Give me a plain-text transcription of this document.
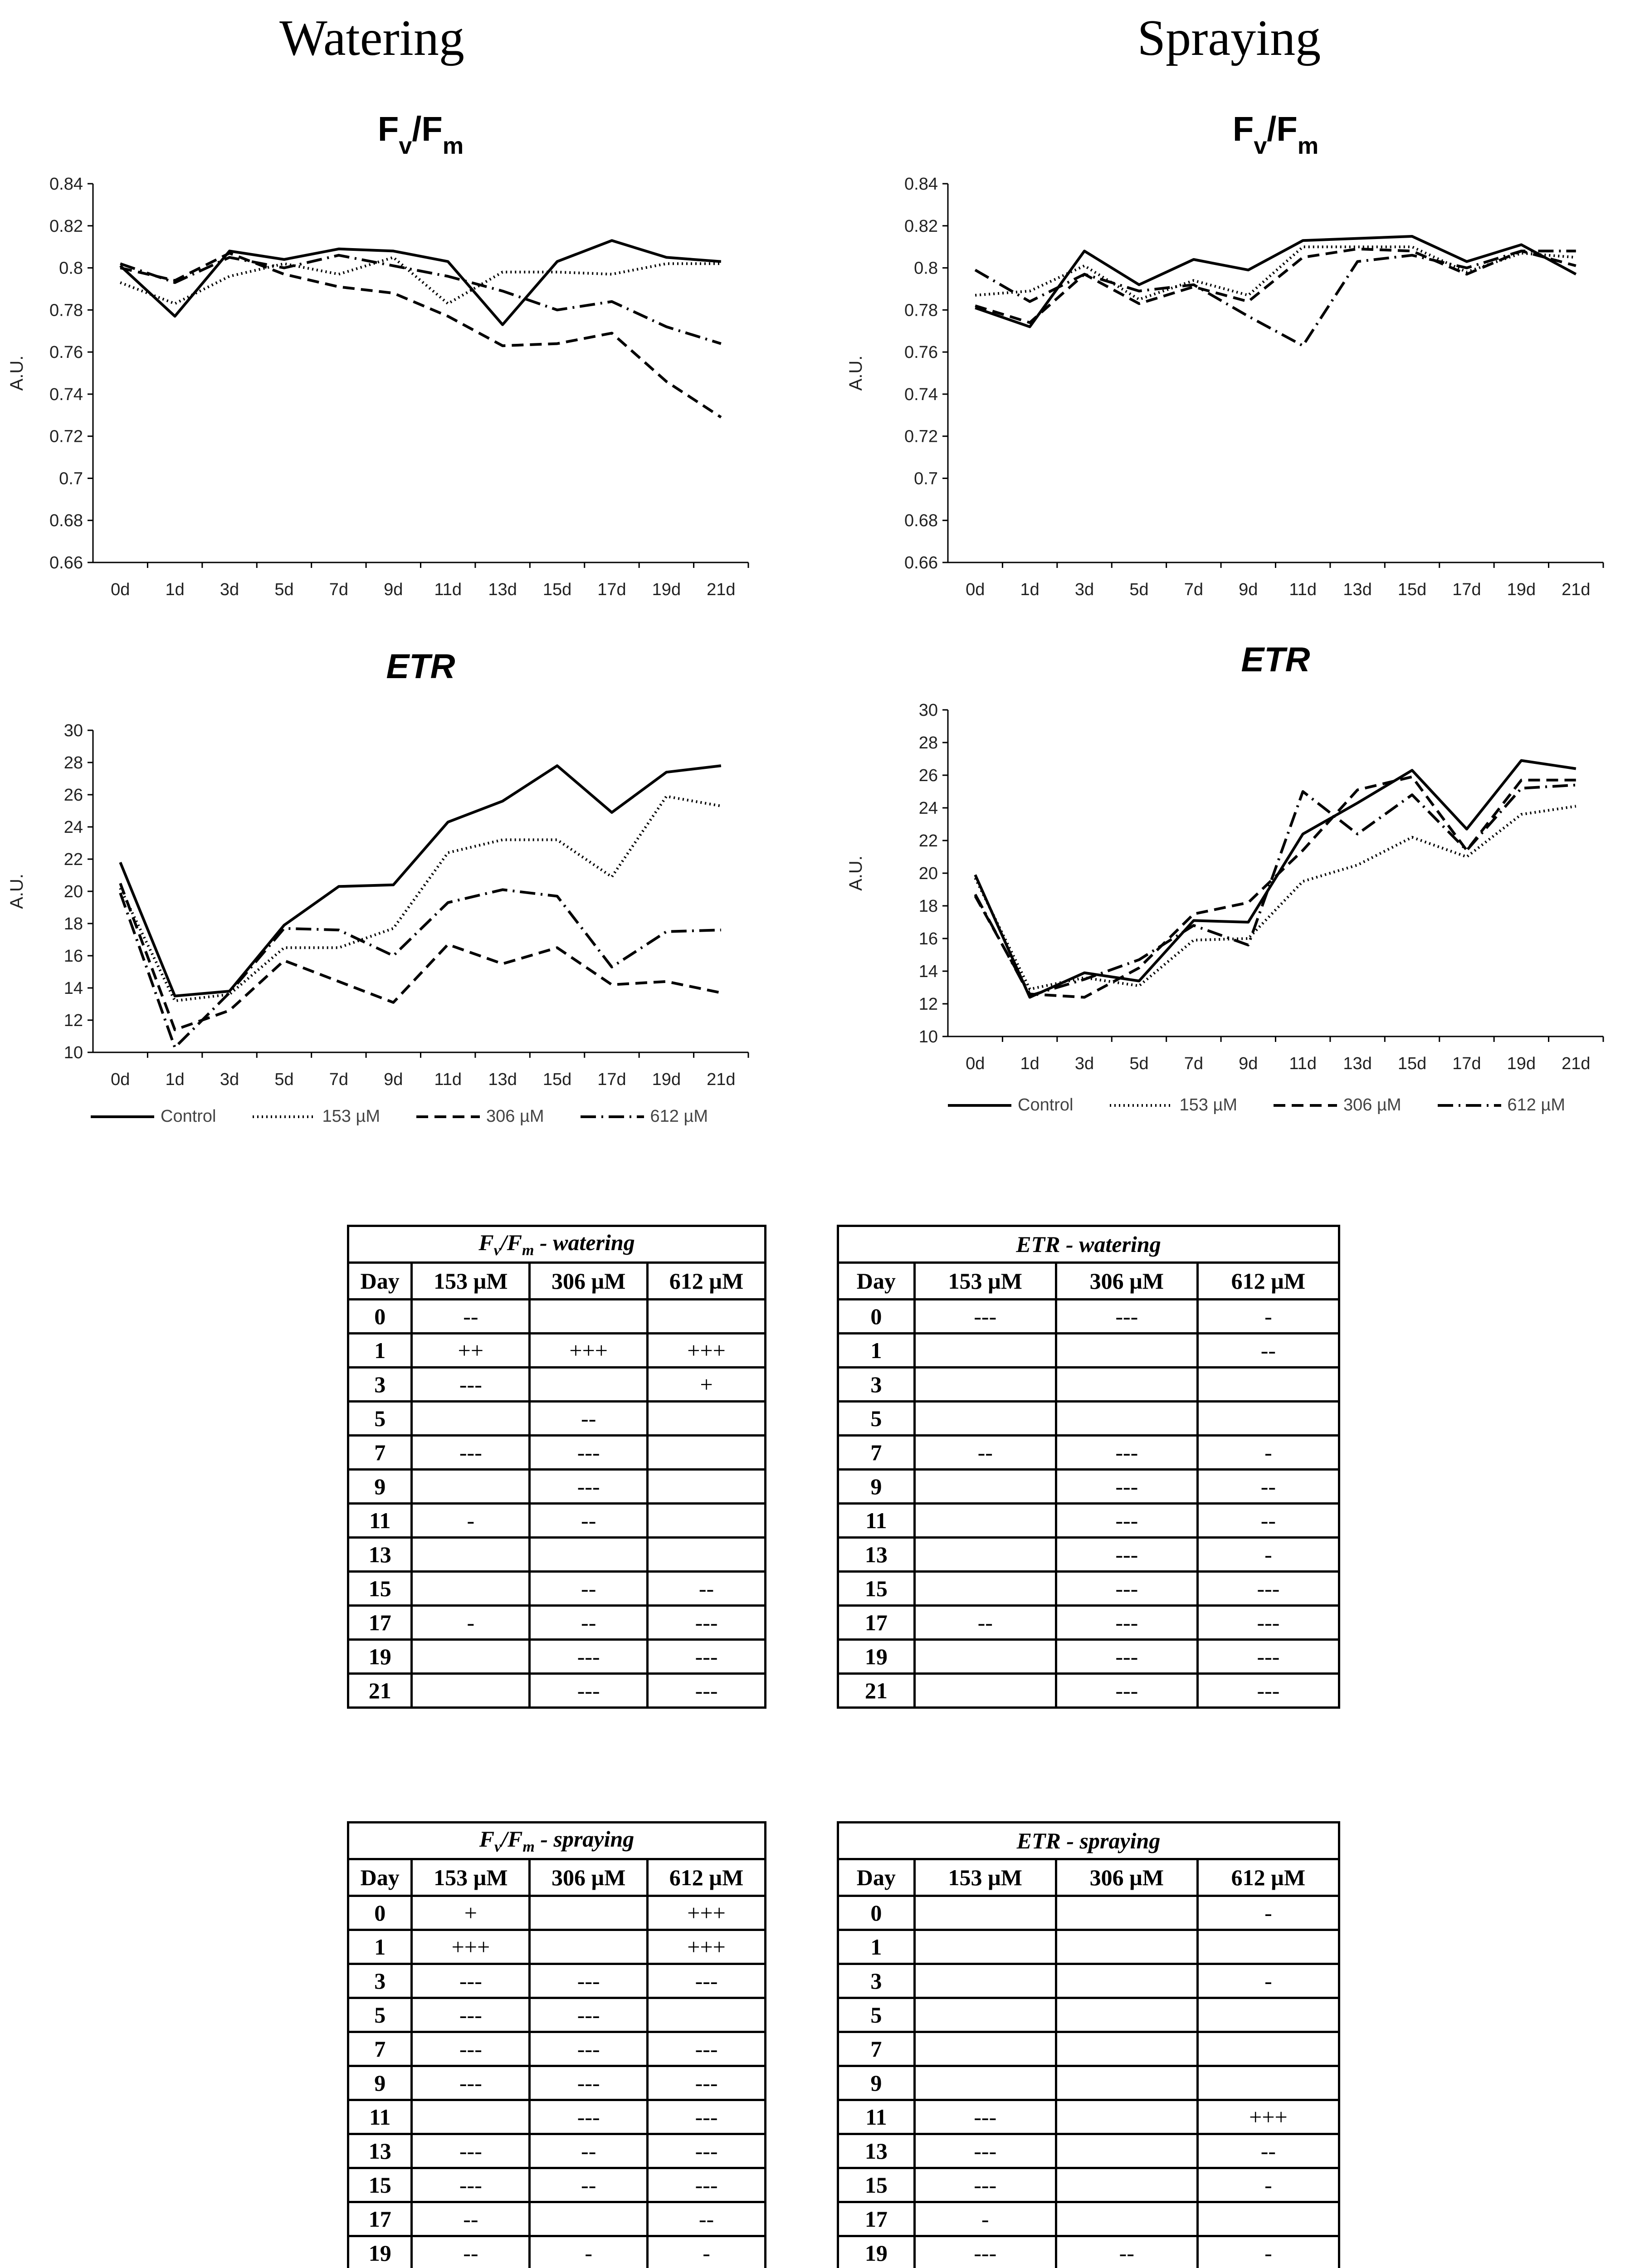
Watering	Spraying
$F_v/F_m$
A.U.
0.66
0.68
0.7
0.72
0.74
0.76
0.78
0.8
0.82
0.84
0d 1d 3d 5d 7d 9d 11d 13d 15d 17d 19d 21d
$F_v/F_m$
A.U.
0.66
0.68
0.7
0.72
0.74
0.76
0.78
0.8
0.82
0.84
0d 1d 3d 5d 7d 9d 11d 13d 15d 17d 19d 21d
ETR
A.U.
10
12
14
16
18
20
22
24
26
28
30
0d 1d 3d 5d 7d 9d 11d 13d 15d 17d 19d 21d
ETR
A.U.
10
12
14
16
18
20
22
24
26
28
30
0d 1d 3d 5d 7d 9d 11d 13d 15d 17d 19d 21d
Control	153 µM	306 µM	612 µM
Control	153 µM	306 µM	612 µM
$F_v/F_m$ - watering			
Day	153 µM	306 µM	612 µM
0	--		
1	++	+++	+++
3	---		+
5		--	
7	---	---	
9		---	
11	-	--	
13			
15		--	--
17	-	--	---
19		---	---
21		---	---
ETR - watering			
Day	153 µM	306 µM	612 µM
0	---	---	-
1			--
3			
5			
7	--	---	-
9		---	--
11		---	--
13		---	-
15		---	---
17	--	---	---
19		---	---
21		---	---
$F_v/F_m$ - spraying			
Day	153 µM	306 µM	612 µM
0	+		+++
1	+++		+++
3	---	---	---
5	---	---	
7	---	---	---
9	---	---	---
11		---	---
13	---	--	---
15	---	--	---
17	--		--
19	--	-	-

ETR - spraying			
Day	153 µM	306 µM	612 µM
0			-
1			
3			-
5			
7			
9			
11	---		+++
13	---		--
15	---		-
17	-		
19	---	--	-
